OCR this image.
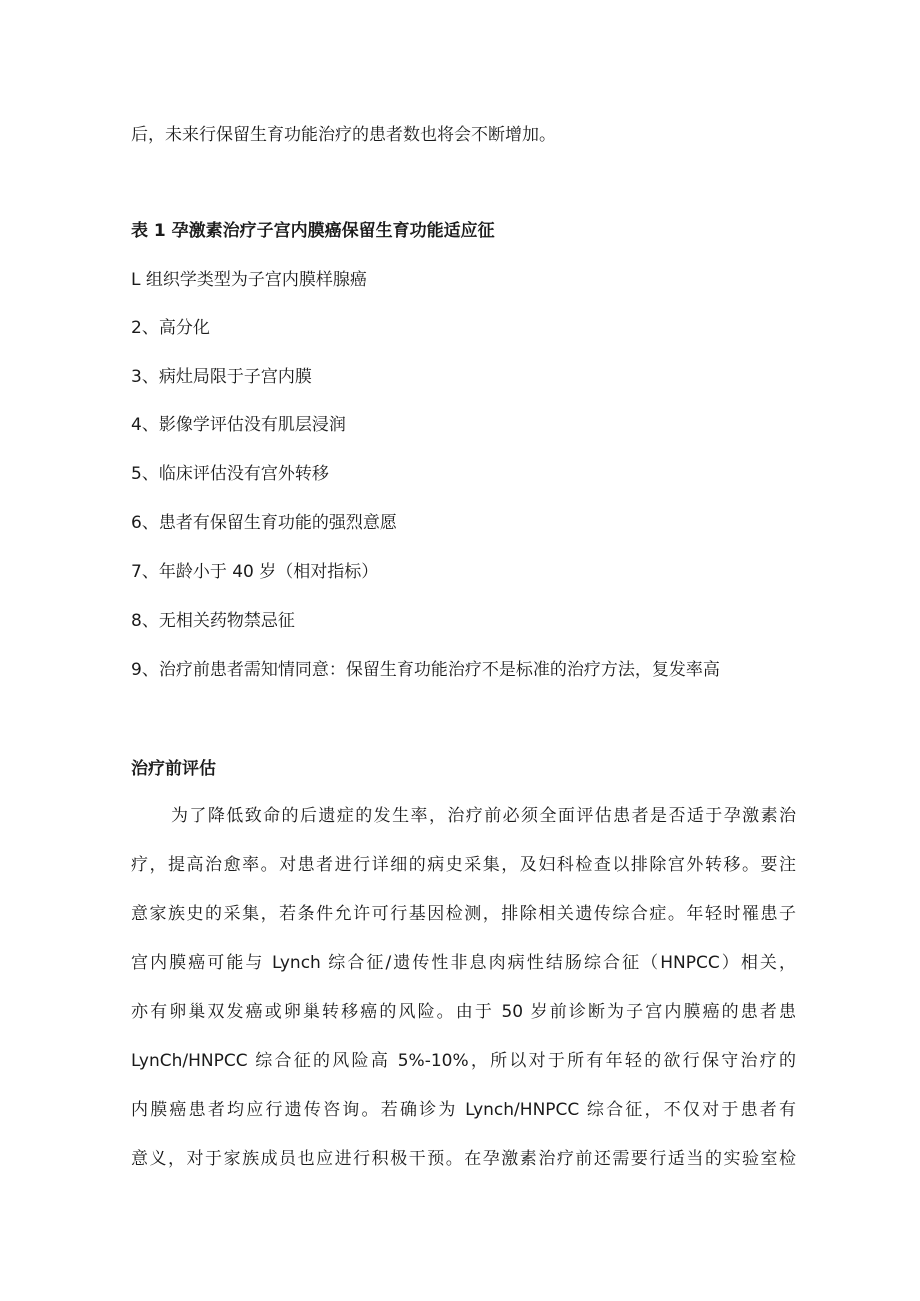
后，未来行保留生育功能治疗的患者数也将会不断增加。
表 1 孕激素治疗子宫内膜癌保留生育功能适应征
L 组织学类型为子宫内膜样腺癌
2、高分化
3、病灶局限于子宫内膜
4、影像学评估没有肌层浸润
5、临床评估没有宫外转移
6、患者有保留生育功能的强烈意愿
7、年龄小于 40 岁（相对指标）
8、无相关药物禁忌征
9、治疗前患者需知情同意：保留生育功能治疗不是标准的治疗方法，复发率高
治疗前评估
为了降低致命的后遗症的发生率，治疗前必须全面评估患者是否适于孕激素治
疗，提高治愈率。对患者进行详细的病史采集，及妇科检查以排除宫外转移。要注
意家族史的采集，若条件允许可行基因检测，排除相关遗传综合症。年轻时罹患子
宫内膜癌可能与 Lynch 综合征/遗传性非息肉病性结肠综合征（HNPCC）相关，
亦有卵巢双发癌或卵巢转移癌的风险。由于 50 岁前诊断为子宫内膜癌的患者患
LynCh/HNPCC 综合征的风险高 5%-10%，所以对于所有年轻的欲行保守治疗的
内膜癌患者均应行遗传咨询。若确诊为 Lynch/HNPCC 综合征，不仅对于患者有
意义，对于家族成员也应进行积极干预。在孕激素治疗前还需要行适当的实验室检
